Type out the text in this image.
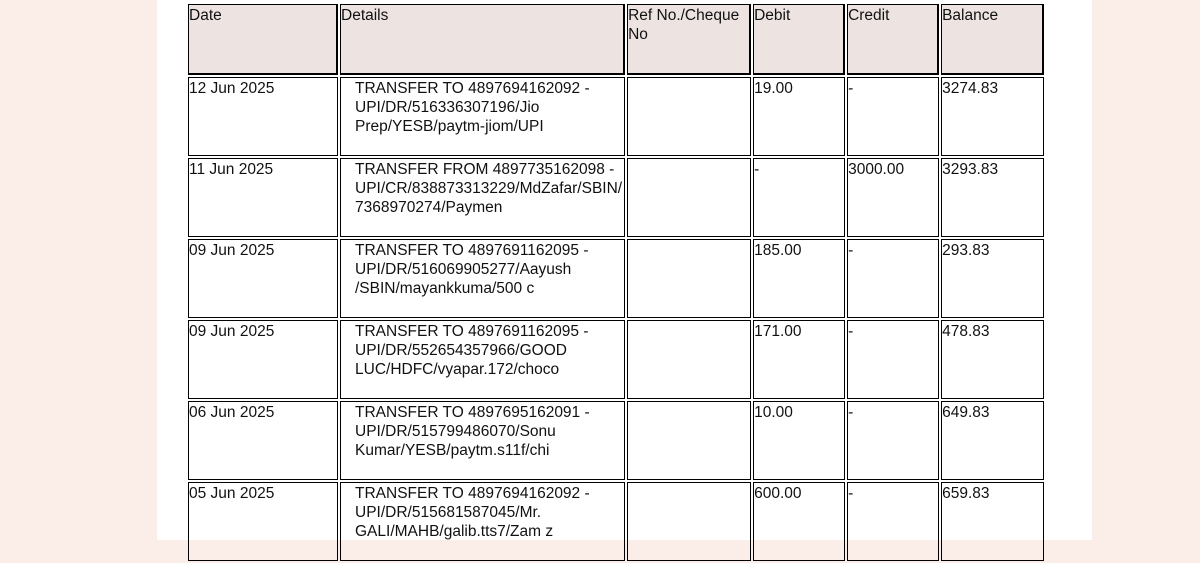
Date	Details	Ref No./Cheque No	Debit	Credit	Balance
12 Jun 2025	TRANSFER TO 4897694162092 - UPI/DR/516336307196/Jio Prep/YESB/paytm-jiom/UPI		19.00	-	3274.83
11 Jun 2025	TRANSFER FROM 4897735162098 - UPI/CR/838873313229/MdZafar/SBIN/ 7368970274/Paymen		-	3000.00	3293.83
09 Jun 2025	TRANSFER TO 4897691162095 - UPI/DR/516069905277/Aayush /SBIN/mayankkuma/500 c		185.00	-	293.83
09 Jun 2025	TRANSFER TO 4897691162095 - UPI/DR/552654357966/GOOD LUC/HDFC/vyapar.172/choco		171.00	-	478.83
06 Jun 2025	TRANSFER TO 4897695162091 - UPI/DR/515799486070/Sonu Kumar/YESB/paytm.s11f/chi		10.00	-	649.83
05 Jun 2025	TRANSFER TO 4897694162092 - UPI/DR/515681587045/Mr. GALI/MAHB/galib.tts7/Zam z		600.00	-	659.83
